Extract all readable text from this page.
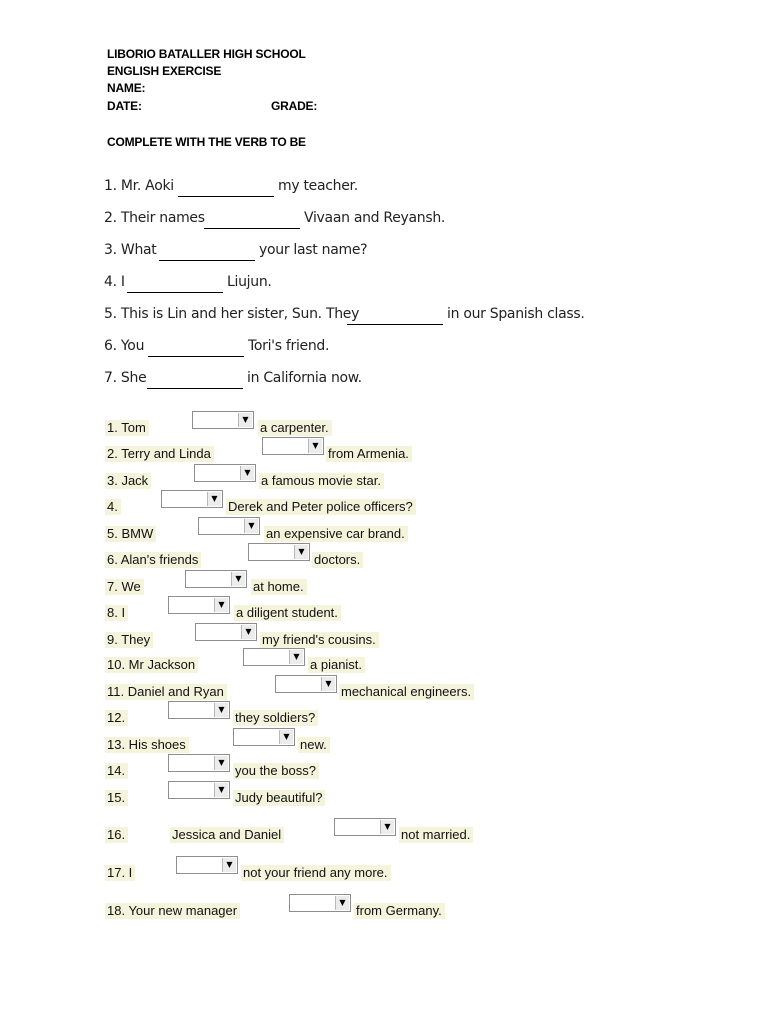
LIBORIO BATALLER HIGH SCHOOL
ENGLISH EXERCISE
NAME:
DATE:	GRADE:
COMPLETE WITH THE VERB TO BE
1. Mr. Aoki	my teacher.
2. Their names	Vivaan and Reyansh.
3. What	your last name?
4. I	Liujun.
5. This is Lin and her sister, Sun. They	in our Spanish class.
6. You	Tori's friend.
7. She	in California now.
1. Tom
▼
a carpenter.
2. Terry and Linda
▼
from Armenia.
3. Jack
▼
a famous movie star.
4.
▼
Derek and Peter police officers?
5. BMW
▼
an expensive car brand.
6. Alan's friends
▼
doctors.
7. We
▼
at home.
8. I
▼
a diligent student.
9. They
▼
my friend's cousins.
10. Mr Jackson
▼
a pianist.
11. Daniel and Ryan
▼
mechanical engineers.
12.
▼
they soldiers?
13. His shoes
▼
new.
14.
▼
you the boss?
15.
▼
Judy beautiful?
16.	Jessica and Daniel
▼
not married.
17. I
▼
not your friend any more.
18. Your new manager
▼
from Germany.
